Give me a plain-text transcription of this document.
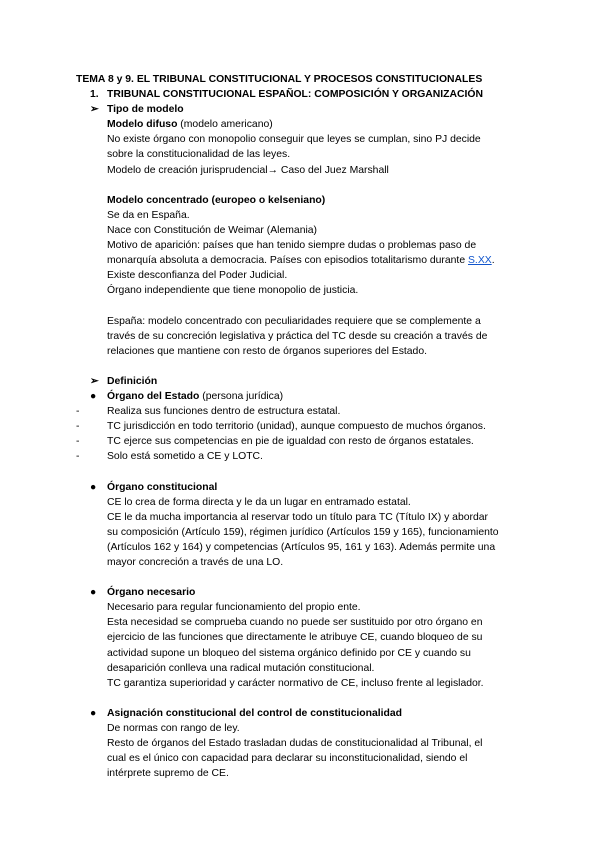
TEMA 8 y 9. EL TRIBUNAL CONSTITUCIONAL Y PROCESOS CONSTITUCIONALES
1. TRIBUNAL CONSTITUCIONAL ESPAÑOL: COMPOSICIÓN Y ORGANIZACIÓN
➢ Tipo de modelo
Modelo difuso (modelo americano)
No existe órgano con monopolio conseguir que leyes se cumplan, sino PJ decide
sobre la constitucionalidad de las leyes.
Modelo de creación jurisprudencial→ Caso del Juez Marshall
Modelo concentrado (europeo o kelseniano)
Se da en España.
Nace con Constitución de Weimar (Alemania)
Motivo de aparición: países que han tenido siempre dudas o problemas paso de
monarquía absoluta a democracia. Países con episodios totalitarismo durante S.XX.
Existe desconfianza del Poder Judicial.
Órgano independiente que tiene monopolio de justicia.
España: modelo concentrado con peculiaridades requiere que se complemente a
través de su concreción legislativa y práctica del TC desde su creación a través de
relaciones que mantiene con resto de órganos superiores del Estado.
➢ Definición
● Órgano del Estado (persona jurídica)
-	Realiza sus funciones dentro de estructura estatal.
-	TC jurisdicción en todo territorio (unidad), aunque compuesto de muchos órganos.
-	TC ejerce sus competencias en pie de igualdad con resto de órganos estatales.
-	Solo está sometido a CE y LOTC.
● Órgano constitucional
CE lo crea de forma directa y le da un lugar en entramado estatal.
CE le da mucha importancia al reservar todo un título para TC (Título IX) y abordar
su composición (Artículo 159), régimen jurídico (Artículos 159 y 165), funcionamiento
(Artículos 162 y 164) y competencias (Artículos 95, 161 y 163). Además permite una
mayor concreción a través de una LO.
● Órgano necesario
Necesario para regular funcionamiento del propio ente.
Esta necesidad se comprueba cuando no puede ser sustituido por otro órgano en
ejercicio de las funciones que directamente le atribuye CE, cuando bloqueo de su
actividad supone un bloqueo del sistema orgánico definido por CE y cuando su
desaparición conlleva una radical mutación constitucional.
TC garantiza superioridad y carácter normativo de CE, incluso frente al legislador.
● Asignación constitucional del control de constitucionalidad
De normas con rango de ley.
Resto de órganos del Estado trasladan dudas de constitucionalidad al Tribunal, el
cual es el único con capacidad para declarar su inconstitucionalidad, siendo el
intérprete supremo de CE.
